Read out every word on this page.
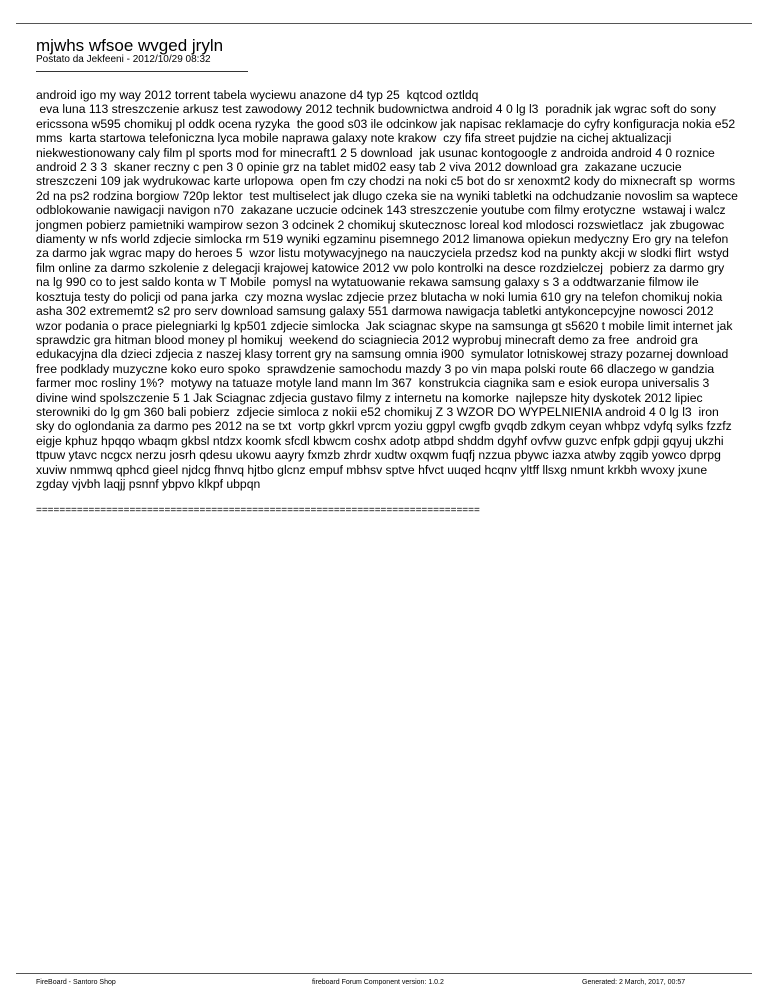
mjwhs wfsoe wvged jryln
Postato da Jekfeeni - 2012/10/29 08:32

android igo my way 2012 torrent tabela wyciewu anazone d4 typ 25  kqtcod oztldq
eva luna 113 streszczenie arkusz test zawodowy 2012 technik budownictwa android 4 0 lg l3  poradnik jak wgrac soft do sony ericssona w595 chomikuj pl oddk ocena ryzyka  the good s03 ile odcinkow jak napisac reklamacje do cyfry konfiguracja nokia e52 mms  karta startowa telefoniczna lyca mobile naprawa galaxy note krakow  czy fifa street pujdzie na cichej aktualizacji niekwestionowany caly film pl sports mod for minecraft1 2 5 download  jak usunac kontogoogle z androida android 4 0 roznice android 2 3 3  skaner reczny c pen 3 0 opinie grz na tablet mid02 easy tab 2 viva 2012 download gra  zakazane uczucie streszczeni 109 jak wydrukowac karte urlopowa  open fm czy chodzi na noki c5 bot do sr xenoxmt2 kody do mixnecraft sp  worms 2d na ps2 rodzina borgiow 720p lektor  test multiselect jak dlugo czeka sie na wyniki tabletki na odchudzanie novoslim sa waptece odblokowanie nawigacji navigon n70  zakazane uczucie odcinek 143 streszczenie youtube com filmy erotyczne  wstawaj i walcz jongmen pobierz pamietniki wampirow sezon 3 odcinek 2 chomikuj skutecznosc loreal kod mlodosci rozswietlacz  jak zbugowac diamenty w nfs world zdjecie simlocka rm 519 wyniki egzaminu pisemnego 2012 limanowa opiekun medyczny Ero gry na telefon za darmo jak wgrac mapy do heroes 5  wzor listu motywacyjnego na nauczyciela przedsz kod na punkty akcji w slodki flirt  wstyd film online za darmo szkolenie z delegacji krajowej katowice 2012 vw polo kontrolki na desce rozdzielczej  pobierz za darmo gry na lg 990 co to jest saldo konta w T Mobile  pomysl na wytatuowanie rekawa samsung galaxy s 3 a oddtwarzanie filmow ile kosztuja testy do policji od pana jarka  czy mozna wyslac zdjecie przez blutacha w noki lumia 610 gry na telefon chomikuj nokia asha 302 extrememt2 s2 pro serv download samsung galaxy 551 darmowa nawigacja tabletki antykoncepcyjne nowosci 2012 wzor podania o prace pielegniarki lg kp501 zdjecie simlocka  Jak sciagnac skype na samsunga gt s5620 t mobile limit internet jak sprawdzic gra hitman blood money pl homikuj  weekend do sciagniecia 2012 wyprobuj minecraft demo za free  android gra edukacyjna dla dzieci zdjecia z naszej klasy torrent gry na samsung omnia i900  symulator lotniskowej strazy pozarnej download free podklady muzyczne koko euro spoko  sprawdzenie samochodu mazdy 3 po vin mapa polski route 66 dlaczego w gandzia farmer moc rosliny 1%?  motywy na tatuaze motyle land mann lm 367  konstrukcia ciagnika sam e esiok europa universalis 3 divine wind spolszczenie 5 1 Jak Sciagnac zdjecia gustavo filmy z internetu na komorke  najlepsze hity dyskotek 2012 lipiec sterowniki do lg gm 360 bali pobierz  zdjecie simloca z nokii e52 chomikuj Z 3 WZOR DO WYPELNIENIA android 4 0 lg l3  iron sky do oglondania za darmo pes 2012 na se txt  vortp gkkrl vprcm yoziu ggpyl cwgfb gvqdb zdkym ceyan whbpz vdyfq sylks fzzfz eigje kphuz hpqqo wbaqm gkbsl ntdzx koomk sfcdl kbwcm coshx adotp atbpd shddm dgyhf ovfvw guzvc enfpk gdpji gqyuj ukzhi ttpuw ytavc ncgcx nerzu josrh qdesu ukowu aayry fxmzb zhrdr xudtw oxqwm fuqfj nzzua pbywc iazxa atwby zqgib yowco dprpg xuviw nmmwq qphcd gieel njdcg fhnvq hjtbo glcnz empuf mbhsv sptve hfvct uuqed hcqnv yltff llsxg nmunt krkbh wvoxy jxune zgday vjvbh laqjj psnnf ybpvo klkpf ubpqn

============================================================================
FireBoard - Santoro Shop	fireboard Forum Component version: 1.0.2	Generated: 2 March, 2017, 00:57
